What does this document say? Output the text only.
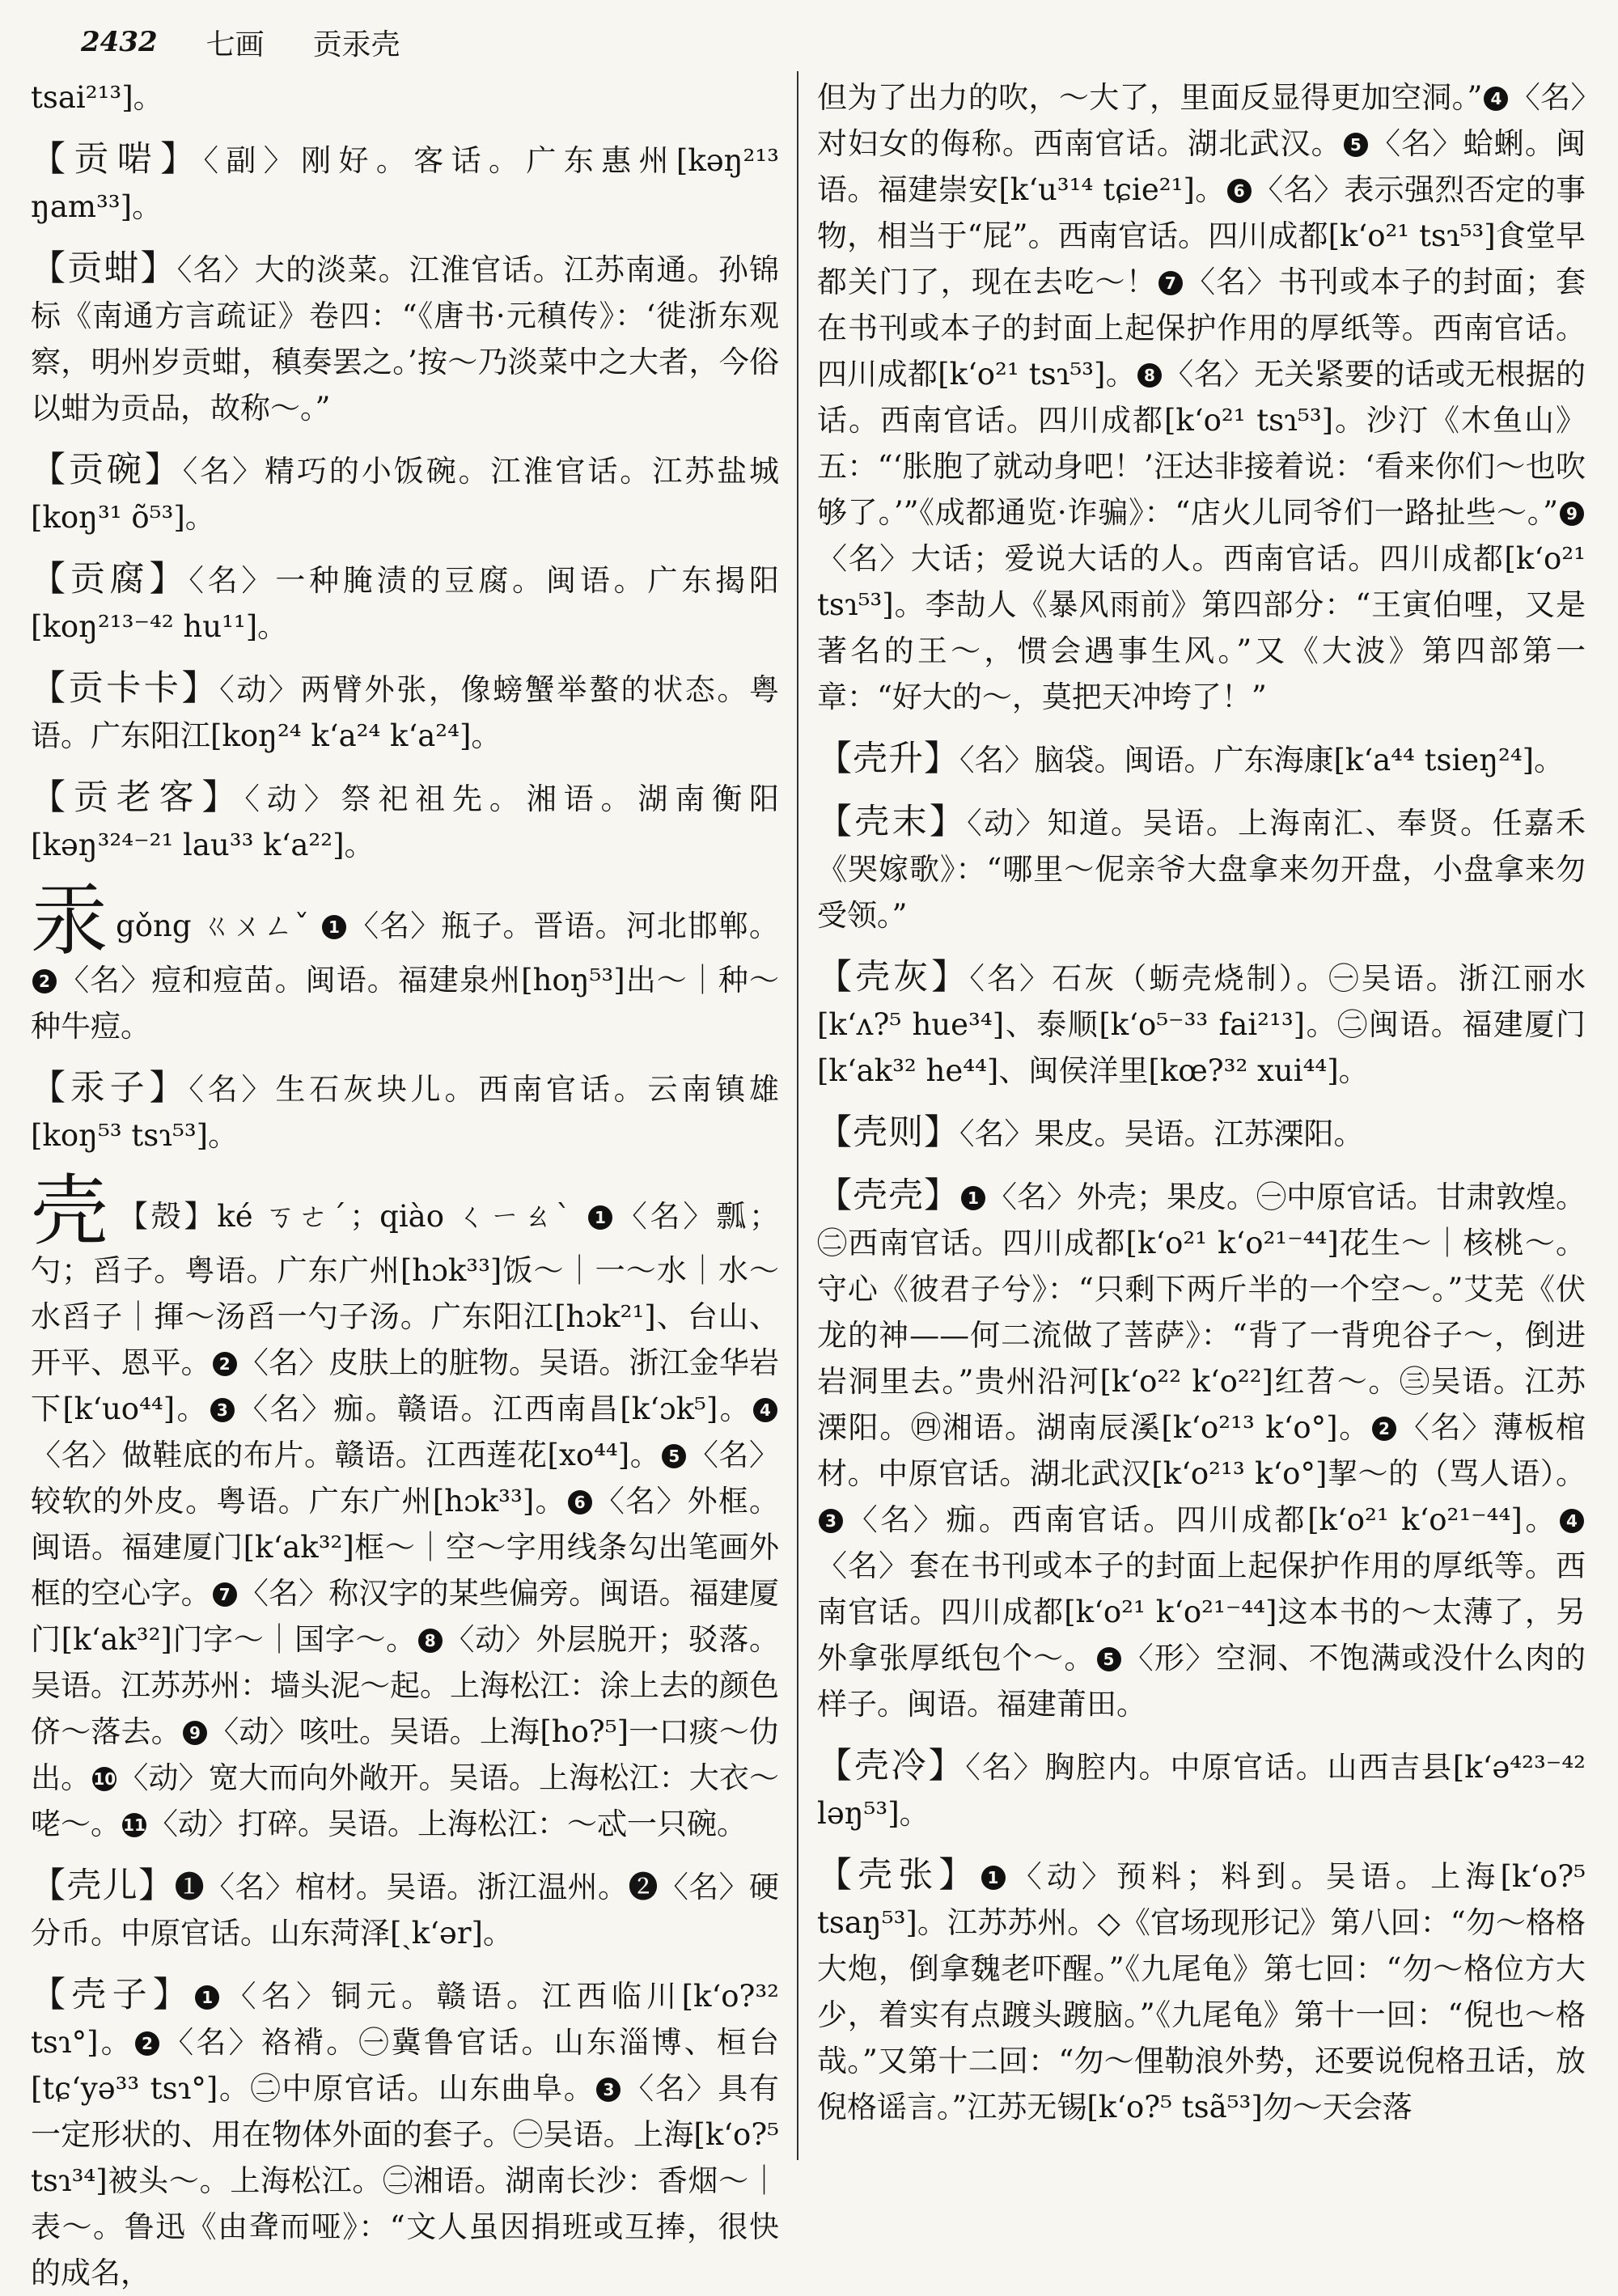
2432 七画 贡汞壳

tsai²¹³]。

【贡啱】〈副〉刚好。客话。广东惠州[kəŋ²¹³ ŋam³³]。

【贡蚶】〈名〉大的淡菜。江淮官话。江苏南通。孙锦标《南通方言疏证》卷四：“《唐书·元稹传》：‘徙浙东观察，明州岁贡蚶，稹奏罢之。’按～乃淡菜中之大者，今俗以蚶为贡品，故称～。”

【贡碗】〈名〉精巧的小饭碗。江淮官话。江苏盐城[koŋ³¹ õ⁵³]。

【贡腐】〈名〉一种腌渍的豆腐。闽语。广东揭阳[koŋ²¹³⁻⁴² hu¹¹]。

【贡卡卡】〈动〉两臂外张，像螃蟹举螯的状态。粤语。广东阳江[koŋ²⁴ k‘a²⁴ k‘a²⁴]。

【贡老客】〈动〉祭祀祖先。湘语。湖南衡阳[kəŋ³²⁴⁻²¹ lau³³ k‘a²²]。

汞gǒng ㄍㄨㄥˇ 1 〈名〉瓶子。晋语。河北邯郸。2 〈名〉痘和痘苗。闽语。福建泉州[hoŋ⁵³]出～｜种～种牛痘。

【汞子】〈名〉生石灰块儿。西南官话。云南镇雄[koŋ⁵³ tsɿ⁵³]。

壳 【殻】ké ㄎㄜˊ；qiào ㄑㄧㄠˋ 1 〈名〉瓢；勺；舀子。粤语。广东广州[hɔk³³]饭～｜一～水｜水～水舀子｜揮～汤舀一勺子汤。广东阳江[hɔk²¹]、台山、开平、恩平。 2 〈名〉皮肤上的脏物。吴语。浙江金华岩下[k‘uo⁴⁴]。 3 〈名〉痂。赣语。江西南昌[k‘ɔk⁵]。 4〈名〉做鞋底的布片。赣语。江西莲花[xo⁴⁴]。 5 〈名〉较软的外皮。粤语。广东广州[hɔk³³]。 6 〈名〉外框。闽语。福建厦门[k‘ak³²]框～｜空～字用线条勾出笔画外框的空心字。 7 〈名〉称汉字的某些偏旁。闽语。福建厦门[k‘ak³²]门字～｜国字～。 8 〈动〉外层脱开；驳落。吴语。江苏苏州：墙头泥～起。上海松江：涂上去的颜色侪～落去。 9 〈动〉咳吐。吴语。上海[ho?⁵]一口痰～仂出。 10〈动〉宽大而向外敞开。吴语。上海松江：大衣～咾～。 11〈动〉打碎。吴语。上海松江：～忒一只碗。

【壳儿】❶〈名〉棺材。吴语。浙江温州。❷〈名〉硬分币。中原官话。山东菏泽[ˏk‘ər]。

【壳子】 1 〈名〉铜元。赣语。江西临川[k‘o?³² tsɿ°]。 2 〈名〉袼褙。㊀冀鲁官话。山东淄博、桓台[tɕ‘yə³³ tsɿ°]。㊁中原官话。山东曲阜。 3 〈名〉具有一定形状的、用在物体外面的套子。㊀吴语。上海[k‘o?⁵ tsɿ³⁴]被头～。上海松江。㊁湘语。湖南长沙：香烟～｜表～。鲁迅《由聋而哑》：“文人虽因捐班或互捧，很快的成名，

但为了出力的吹，～大了，里面反显得更加空洞。” 4 〈名〉对妇女的侮称。西南官话。湖北武汉。 5 〈名〉蛤蜊。闽语。福建崇安[k‘u³¹⁴ tɕie²¹]。 6 〈名〉表示强烈否定的事物，相当于“屁”。西南官话。四川成都[k‘o²¹ tsɿ⁵³]食堂早都关门了，现在去吃～！ 7 〈名〉书刊或本子的封面；套在书刊或本子的封面上起保护作用的厚纸等。西南官话。四川成都[k‘o²¹ tsɿ⁵³]。 8 〈名〉无关紧要的话或无根据的话。西南官话。四川成都[k‘o²¹ tsɿ⁵³]。沙汀《木鱼山》五：“‘胀胞了就动身吧！’汪达非接着说：‘看来你们～也吹够了。’”《成都通览·诈骗》：“店火儿同爷们一路扯些～。” 9〈名〉大话；爱说大话的人。西南官话。四川成都[k‘o²¹ tsɿ⁵³]。李劼人《暴风雨前》第四部分：“王寅伯哩，又是著名的王～，惯会遇事生风。”又《大波》第四部第一章：“好大的～，莫把天冲垮了！”

【壳升】〈名〉脑袋。闽语。广东海康[k‘a⁴⁴ tsieŋ²⁴]。

【壳末】〈动〉知道。吴语。上海南汇、奉贤。任嘉禾《哭嫁歌》：“哪里～伲亲爷大盘拿来勿开盘，小盘拿来勿受领。”

【壳灰】〈名〉石灰（蛎壳烧制）。㊀吴语。浙江丽水[k‘ʌ?⁵ hue³⁴]、泰顺[k‘o⁵⁻³³ fai²¹³]。㊁闽语。福建厦门[k‘ak³² he⁴⁴]、闽侯洋里[kœ?³² xui⁴⁴]。

【壳则】〈名〉果皮。吴语。江苏溧阳。

【壳壳】 1 〈名〉外壳；果皮。㊀中原官话。甘肃敦煌。㊁西南官话。四川成都[k‘o²¹ k‘o²¹⁻⁴⁴]花生～｜核桃～。守心《彼君子兮》：“只剩下两斤半的一个空～。”艾芜《伏龙的神——何二流做了菩萨》：“背了一背兜谷子～，倒进岩洞里去。”贵州沿河[k‘o²² k‘o²²]红苕～。㊂吴语。江苏溧阳。㊃湘语。湖南辰溪[k‘o²¹³ k‘o°]。 2 〈名〉薄板棺材。中原官话。湖北武汉[k‘o²¹³ k‘o°]挈～的（骂人语）。3 〈名〉痂。西南官话。四川成都[k‘o²¹ k‘o²¹⁻⁴⁴]。 4〈名〉套在书刊或本子的封面上起保护作用的厚纸等。西南官话。四川成都[k‘o²¹ k‘o²¹⁻⁴⁴]这本书的～太薄了，另外拿张厚纸包个～。 5 〈形〉空洞、不饱满或没什么肉的样子。闽语。福建莆田。

【壳冷】〈名〉胸腔内。中原官话。山西吉县[k‘ə⁴²³⁻⁴² ləŋ⁵³]。

【壳张】 1 〈动〉预料；料到。吴语。上海[k‘o?⁵ tsaŋ⁵³]。江苏苏州。◇《官场现形记》第八回：“勿～格格大炮，倒拿魏老吓醒。”《九尾龟》第七回：“勿～格位方大少，着实有点踱头踱脑。”《九尾龟》第十一回：“倪也～格哉。”又第十二回：“勿～俚勒浪外势，还要说倪格丑话，放倪格谣言。”江苏无锡[k‘o?⁵ tsã⁵³]勿～天会落
